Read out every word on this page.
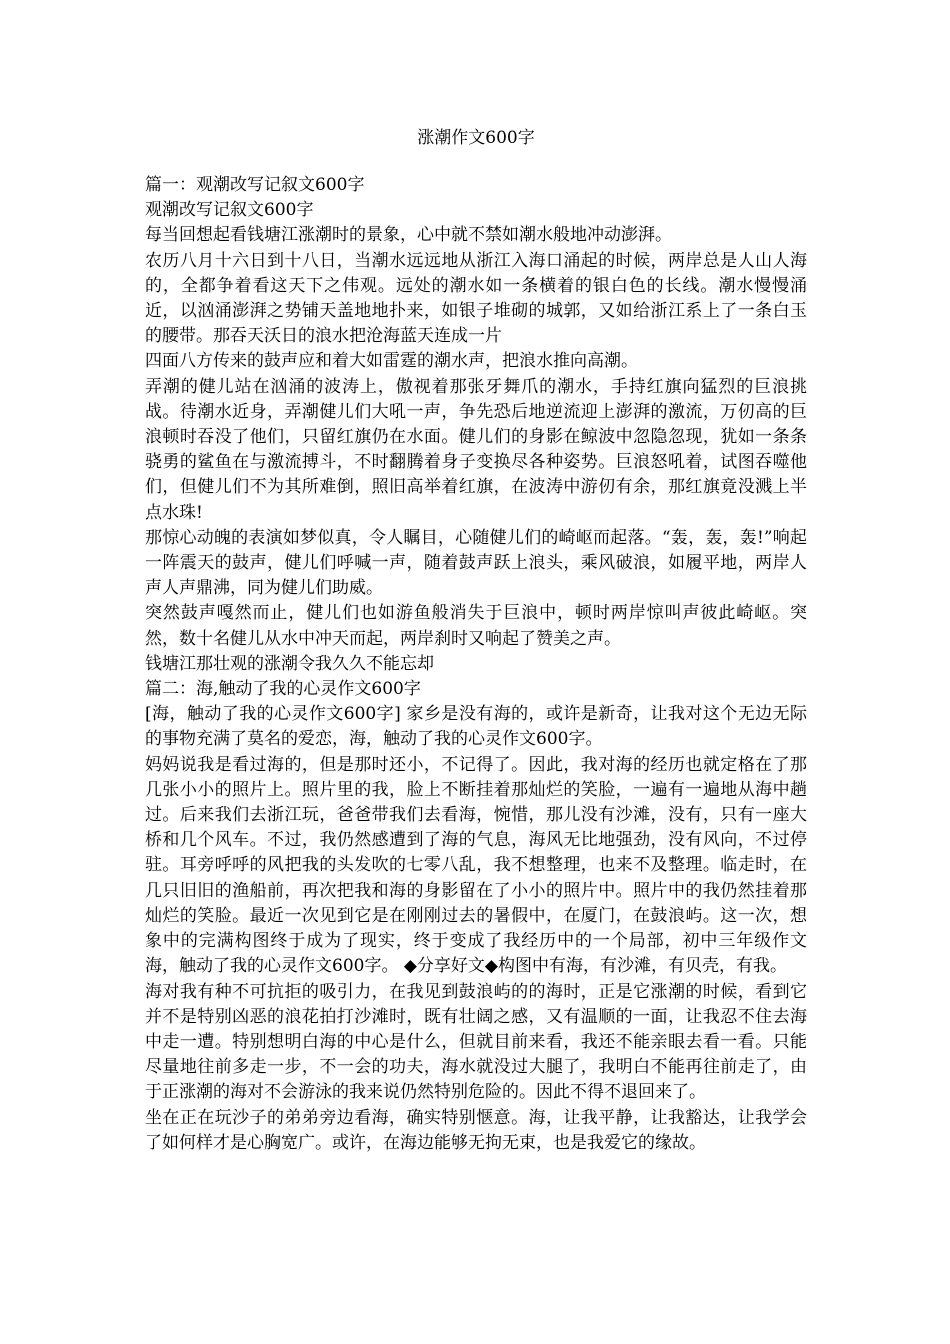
涨潮作文600字

篇一：观潮改写记叙文600字

观潮改写记叙文600字

每当回想起看钱塘江涨潮时的景象，心中就不禁如潮水般地冲动澎湃。

农历八月十六日到十八日，当潮水远远地从浙江入海口涌起的时候，两岸总是人山人海的，全都争着看这天下之伟观。远处的潮水如一条横着的银白色的长线。潮水慢慢涌近，以汹涌澎湃之势铺天盖地地扑来，如银子堆砌的城郭，又如给浙江系上了一条白玉的腰带。那吞天沃日的浪水把沧海蓝天连成一片

四面八方传来的鼓声应和着大如雷霆的潮水声，把浪水推向高潮。

弄潮的健儿站在汹涌的波涛上，傲视着那张牙舞爪的潮水，手持红旗向猛烈的巨浪挑战。待潮水近身，弄潮健儿们大吼一声，争先恐后地逆流迎上澎湃的激流，万仞高的巨浪顿时吞没了他们，只留红旗仍在水面。健儿们的身影在鲸波中忽隐忽现，犹如一条条骁勇的鲨鱼在与激流搏斗，不时翻腾着身子变换尽各种姿势。巨浪怒吼着，试图吞噬他们，但健儿们不为其所难倒，照旧高举着红旗，在波涛中游仞有余，那红旗竟没溅上半点水珠!

那惊心动魄的表演如梦似真，令人瞩目，心随健儿们的崎岖而起落。“轰，轰，轰!”响起一阵震天的鼓声，健儿们呼喊一声，随着鼓声跃上浪头，乘风破浪，如履平地，两岸人声人声鼎沸，同为健儿们助威。

突然鼓声嘎然而止，健儿们也如游鱼般消失于巨浪中，顿时两岸惊叫声彼此崎岖。突然，数十名健儿从水中冲天而起，两岸刹时又响起了赞美之声。

钱塘江那壮观的涨潮令我久久不能忘却

篇二：海,触动了我的心灵作文600字

[海，触动了我的心灵作文600字] 家乡是没有海的，或许是新奇，让我对这个无边无际的事物充满了莫名的爱恋，海，触动了我的心灵作文600字。

妈妈说我是看过海的，但是那时还小，不记得了。因此，我对海的经历也就定格在了那几张小小的照片上。照片里的我，脸上不断挂着那灿烂的笑脸，一遍有一遍地从海中趟过。后来我们去浙江玩，爸爸带我们去看海，惋惜，那儿没有沙滩，没有，只有一座大桥和几个风车。不过，我仍然感遭到了海的气息，海风无比地强劲，没有风向，不过停驻。耳旁呼呼的风把我的头发吹的七零八乱，我不想整理，也来不及整理。临走时，在几只旧旧的渔船前，再次把我和海的身影留在了小小的照片中。照片中的我仍然挂着那灿烂的笑脸。最近一次见到它是在刚刚过去的暑假中，在厦门，在鼓浪屿。这一次，想象中的完满构图终于成为了现实，终于变成了我经历中的一个局部，初中三年级作文海，触动了我的心灵作文600字。 ◆分享好文◆构图中有海，有沙滩，有贝壳，有我。

海对我有种不可抗拒的吸引力，在我见到鼓浪屿的的海时，正是它涨潮的时候，看到它并不是特别凶恶的浪花拍打沙滩时，既有壮阔之感，又有温顺的一面，让我忍不住去海中走一遭。特别想明白海的中心是什么，但就目前来看，我还不能亲眼去看一看。只能尽量地往前多走一步，不一会的功夫，海水就没过大腿了，我明白不能再往前走了，由于正涨潮的海对不会游泳的我来说仍然特别危险的。因此不得不退回来了。

坐在正在玩沙子的弟弟旁边看海，确实特别惬意。海，让我平静，让我豁达，让我学会了如何样才是心胸宽广。或许，在海边能够无拘无束，也是我爱它的缘故。
